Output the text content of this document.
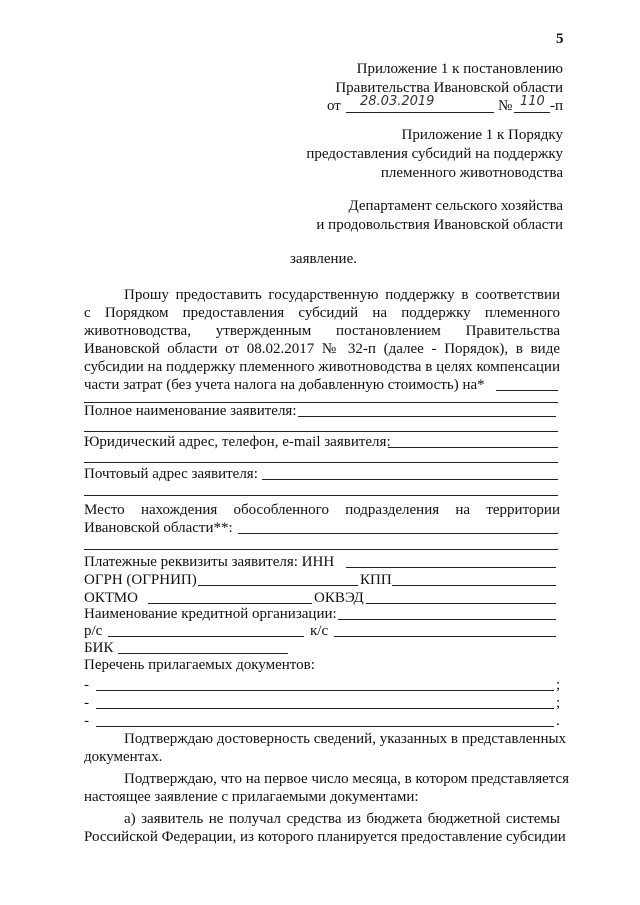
5
Приложение 1 к постановлению
Правительства Ивановской области
от 28.03.2019	№ 110 -п
Приложение 1 к Порядку
предоставления субсидий на поддержку
племенного животноводства
Департамент сельского хозяйства
и продовольствия Ивановской области
заявление.
Прошу предоставить государственную поддержку в соответствии
с Порядком предоставления субсидий на поддержку племенного
животноводства, утвержденным постановлением Правительства
Ивановской области от 08.02.2017 № 32-п (далее - Порядок), в виде
субсидии на поддержку племенного животноводства в целях компенсации
части затрат (без учета налога на добавленную стоимость) на*
Полное наименование заявителя:
Юридический адрес, телефон, e-mail заявителя:
Почтовый адрес заявителя:
Место нахождения обособленного подразделения на территории
Ивановской области**:
Платежные реквизиты заявителя: ИНН
ОГРН (ОГРНИП)	КПП
ОКТМО	ОКВЭД
Наименование кредитной организации:
р/с	к/с
БИК
Перечень прилагаемых документов:
-	;
-	;
-	.
Подтверждаю достоверность сведений, указанных в представленных
документах.
Подтверждаю, что на первое число месяца, в котором представляется
настоящее заявление с прилагаемыми документами:
а) заявитель не получал средства из бюджета бюджетной системы
Российской Федерации, из которого планируется предоставление субсидии
